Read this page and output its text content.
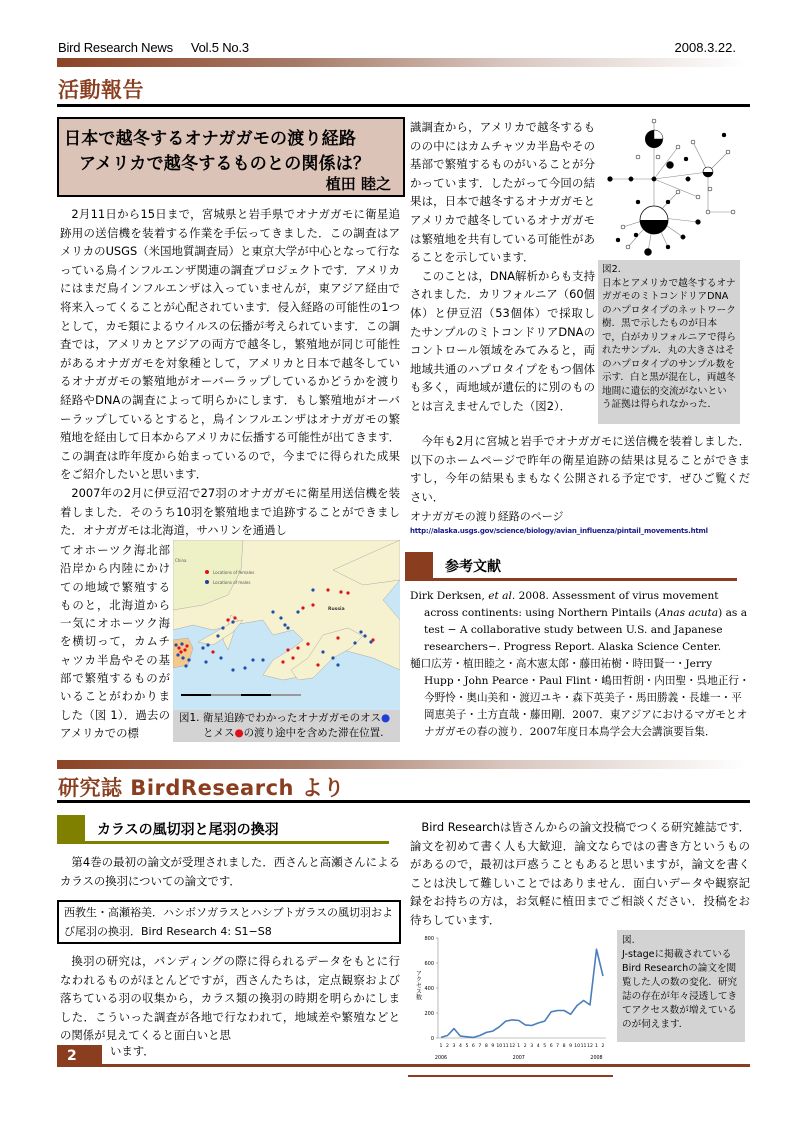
Bird Research News Vol.5 No.3	2008.3.22.
活動報告
日本で越冬するオナガガモの渡り経路
アメリカで越冬するものとの関係は？
植田 睦之

2月11日から15日まで，宮城県と岩手県でオナガガモに衛星追跡用の送信機を装着する作業を手伝ってきました．この調査はアメリカのUSGS（米国地質調査局）と東京大学が中心となって行なっている鳥インフルエンザ関連の調査プロジェクトです．アメリカにはまだ鳥インフルエンザは入っていませんが，東アジア経由で将来入ってくることが心配されています．侵入経路の可能性の1つとして，カモ類によるウイルスの伝播が考えられています．この調査では，アメリカとアジアの両方で越冬し，繁殖地が同じ可能性があるオナガガモを対象種として，アメリカと日本で越冬しているオナガガモの繁殖地がオーバーラップしているかどうかを渡り経路やDNAの調査によって明らかにします．もし繁殖地がオーバーラップしているとすると，鳥インフルエンザはオナガガモの繁殖地を経由して日本からアメリカに伝播する可能性が出てきます．この調査は昨年度から始まっているので，今までに得られた成果をご紹介したいと思います．

2007年の2月に伊豆沼で27羽のオナガガモに衛星用送信機を装着しました．そのうち10羽を繁殖地まで追跡することができました．オナガガモは北海道，サハリンを通過し

てオホーツク海北部沿岸から内陸にかけての地域で繁殖するものと，北海道から一気にオホーツク海を横切って，カムチャツカ半島やその基部で繁殖するものがいることがわかりました（図 1）．過去のアメリカでの標

Locations of females
Locations of males
China
Russia
図1. 衛星追跡でわかったオナガガモのオス●
とメス●の渡り途中を含めた滞在位置.

識調査から，アメリカで越冬するものの中にはカムチャツカ半島やその基部で繁殖するものがいることが分かっています．したがって今回の結果は，日本で越冬するオナガガモとアメリカで越冬しているオナガガモは繁殖地を共有している可能性があることを示しています．

このことは，DNA解析からも支持されました．カリフォルニア（60個体）と伊豆沼（53個体）で採取したサンプルのミトコンドリアDNAのコントロール領域をみてみると，両地域共通のハプロタイプをもつ個体も多く，両地域が遺伝的に別のものとは言えませんでした（図2）．

図2.
日本とアメリカで越冬するオナガガモのミトコンドリアDNAのハプロタイプのネットワーク樹．黒で示したものが日本で，白がカリフォルニアで得られたサンプル．丸の大きさはそのハプロタイプのサンプル数を示す．白と黒が混在し，両越冬地間に遺伝的交流がないという証拠は得られなかった．

今年も2月に宮城と岩手でオナガガモに送信機を装着しました．以下のホームページで昨年の衛星追跡の結果は見ることができますし，今年の結果もまもなく公開される予定です．ぜひご覧ください．

オナガガモの渡り経路のページ
http://alaska.usgs.gov/science/biology/avian_influenza/pintail_movements.html
参考文献

Dirk Derksen, et al. 2008. Assessment of virus movement across continents: using Northern Pintails (Anas acuta) as a test − A collaborative study between U.S. and Japanese researchers−. Progress Report. Alaska Science Center.

樋口広芳・植田睦之・高木憲太郎・藤田祐樹・時田賢一・Jerry Hupp・John Pearce・Paul Flint・嶋田哲朗・内田聖・呉地正行・今野怜・奥山美和・渡辺ユキ・森下英美子・馬田勝義・長雄一・平岡恵美子・土方直哉・藤田剛．2007．東アジアにおけるマガモとオナガガモの春の渡り．2007年度日本鳥学会大会講演要旨集．

研究誌 BirdResearch より
カラスの風切羽と尾羽の換羽

第4巻の最初の論文が受理されました．西さんと高瀬さんによるカラスの換羽についての論文です．

西教生・高瀬裕美．ハシボソガラスとハシブトガラスの風切羽および尾羽の換羽．Bird Research 4: S1−S8

換羽の研究は，バンディングの際に得られるデータをもとに行なわれるものがほとんどですが，西さんたちは，定点観察および落ちている羽の収集から，カラス類の換羽の時期を明らかにしました．こういった調査が各地で行なわれて，地域差や繁殖などとの関係が見えてくると面白いと思

います．

Bird Researchは皆さんからの論文投稿でつくる研究雑誌です．論文を初めて書く人も大歓迎．論文ならではの書き方というものがあるので，最初は戸惑うこともあると思いますが，論文を書くことは決して難しいことではありません．面白いデータや観察記録をお持ちの方は，お気軽に植田までご相談ください．投稿をお待ちしています．

0
200
400
600
800
アクセス数
1 2 3 4 5 6 7 8 9 10 11 12 1 2 3 4 5 6 7 8 9 10 11 12 1 2
2006	2007	2008
図.
J-stageに掲載されているBird Researchの論文を閲覧した人の数の変化．研究誌の存在が年々浸透してきてアクセス数が増えているのが伺えます．
2
